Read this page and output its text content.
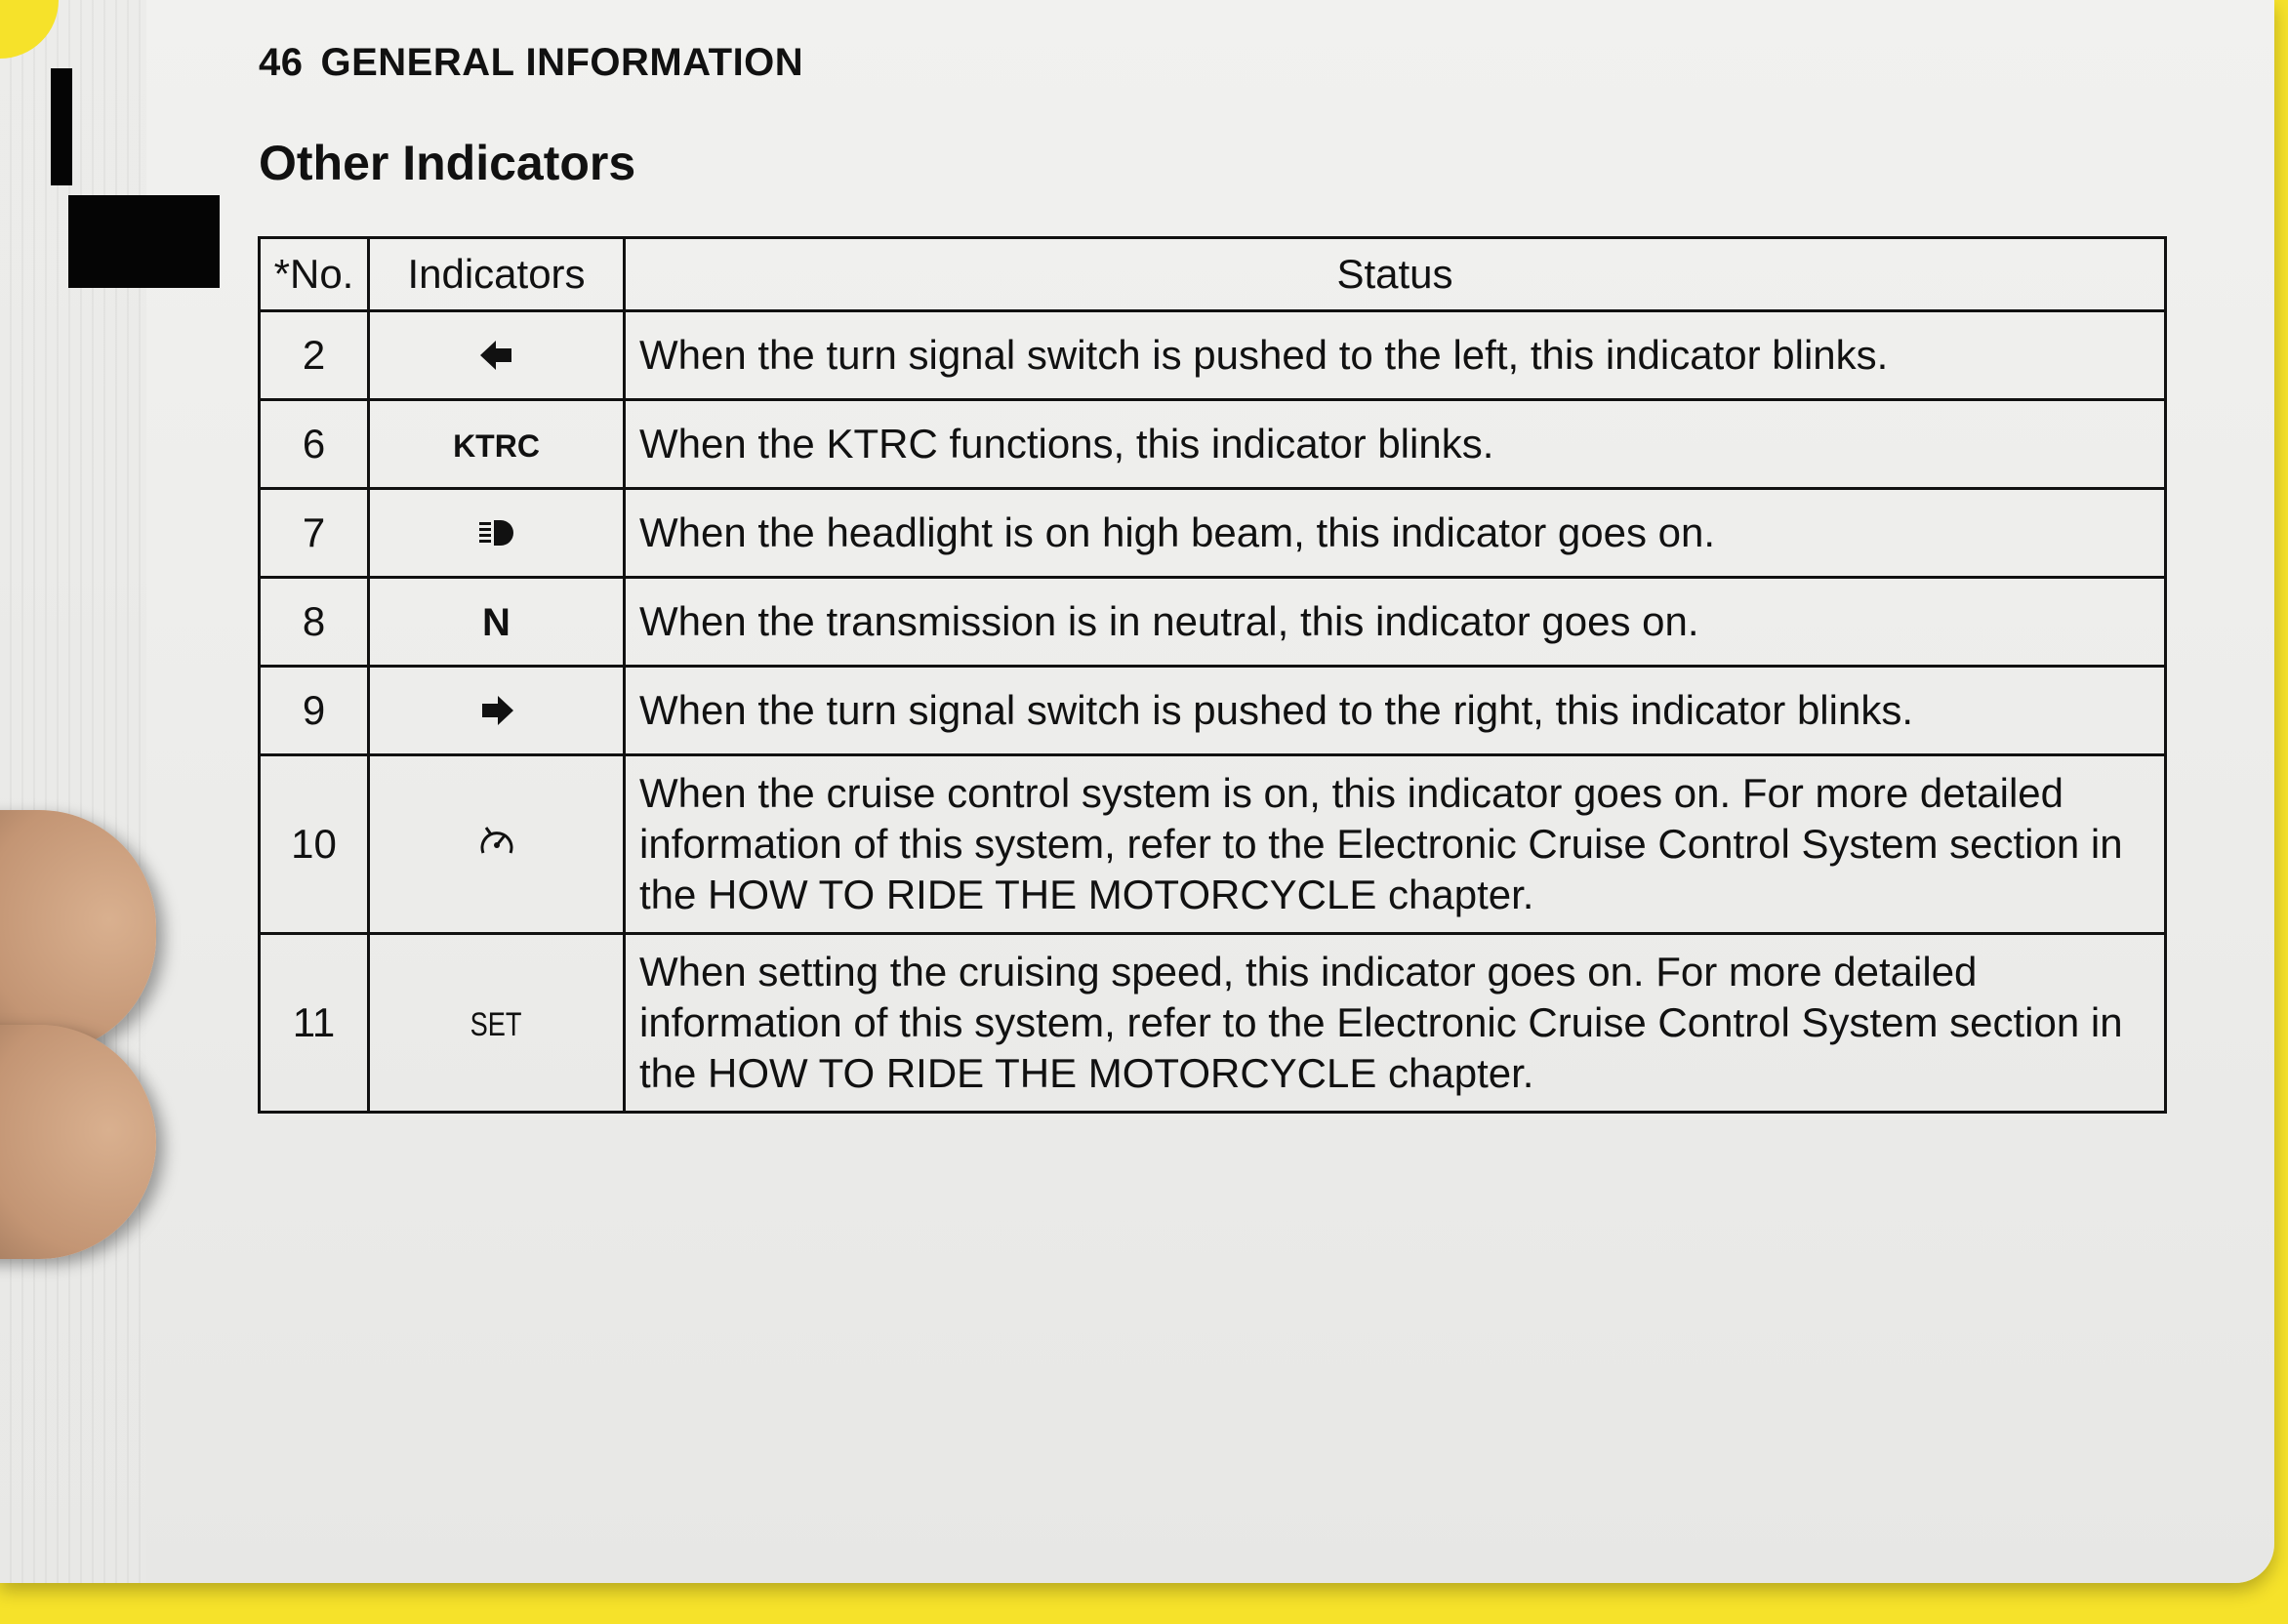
46 GENERAL INFORMATION
Other Indicators
*No.	Indicators	Status
2		When the turn signal switch is pushed to the left, this indicator blinks.
6	KTRC	When the KTRC functions, this indicator blinks.
7		When the headlight is on high beam, this indicator goes on.
8	N	When the transmission is in neutral, this indicator goes on.
9		When the turn signal switch is pushed to the right, this indicator blinks.
10		When the cruise control system is on, this indicator goes on. For more detailed information of this system, refer to the Electronic Cruise Control System section in the HOW TO RIDE THE MOTORCYCLE chapter.
11	SET	When setting the cruising speed, this indicator goes on. For more detailed information of this system, refer to the Electronic Cruise Control System section in the HOW TO RIDE THE MOTORCYCLE chapter.
